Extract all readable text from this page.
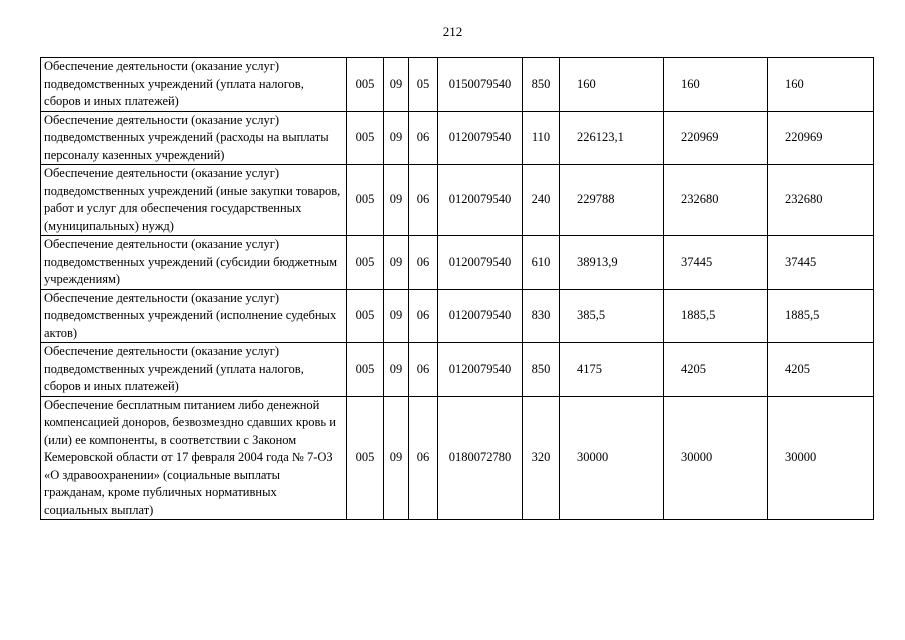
212
Обеспечение деятельности (оказание услуг) подведомственных учреждений (уплата налогов, сборов и иных платежей)	005	09	05	0150079540	850	160	160	160
Обеспечение деятельности (оказание услуг) подведомственных учреждений (расходы на выплаты персоналу казенных учреждений)	005	09	06	0120079540	110	226123,1	220969	220969
Обеспечение деятельности (оказание услуг) подведомственных учреждений (иные закупки товаров, работ и услуг для обеспечения государственных (муниципальных) нужд)	005	09	06	0120079540	240	229788	232680	232680
Обеспечение деятельности (оказание услуг) подведомственных учреждений (субсидии бюджетным учреждениям)	005	09	06	0120079540	610	38913,9	37445	37445
Обеспечение деятельности (оказание услуг) подведомственных учреждений (исполнение судебных актов)	005	09	06	0120079540	830	385,5	1885,5	1885,5
Обеспечение деятельности (оказание услуг) подведомственных учреждений (уплата налогов, сборов и иных платежей)	005	09	06	0120079540	850	4175	4205	4205
Обеспечение бесплатным питанием либо денежной компенсацией доноров, безвозмездно сдавших кровь и (или) ее компоненты, в соответствии с Законом Кемеровской области от 17 февраля 2004 года № 7-ОЗ «О здравоохранении» (социальные выплаты гражданам, кроме публичных нормативных социальных выплат)	005	09	06	0180072780	320	30000	30000	30000
